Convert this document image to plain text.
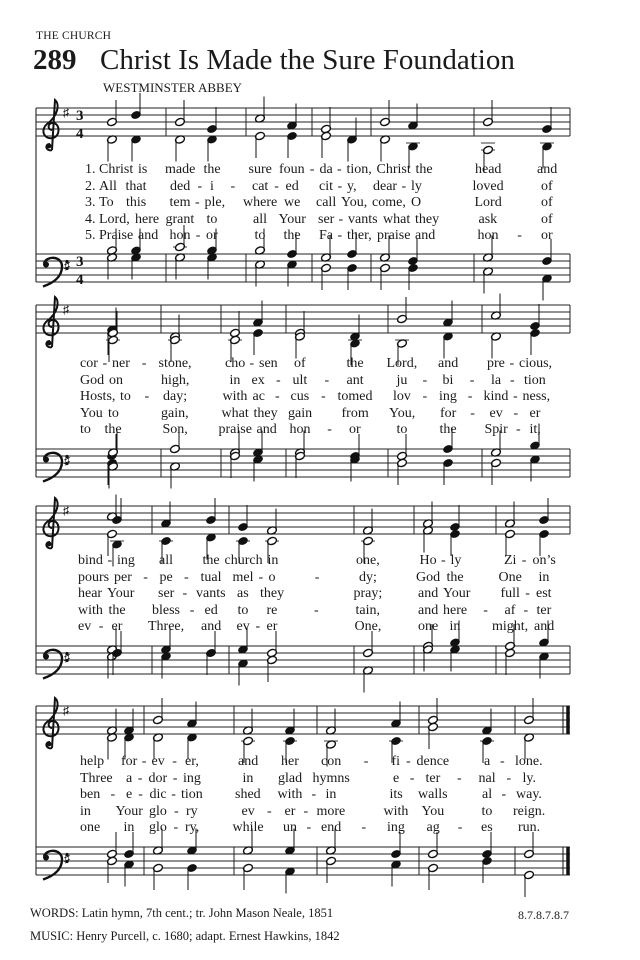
THE CHURCH
289 Christ Is Made the Sure Foundation
WESTMINSTER ABBEY
♯
♯
3
4
3
4
♯
♯
♯
♯
♯
♯
1. Christ is made the sure foun - da - tion, Christ the	head	and
2. All that ded - i - cat - ed cit - y, dear - ly	loved	of
3. To this tem - ple, where we call You, come, O	Lord	of
4. Lord, here grant to	all Your ser - vants what they	ask	of
5. Praise and hon - or	to the Fa - ther, praise and	hon - or
cor - ner - stone, cho - sen of	the Lord, and pre - cious,
God on	high,	in ex - ult - ant ju - bi - la - tion
Hosts, to - day;	with ac - cus - tomed lov - ing - kind - ness,
You to	gain, what they gain from You, for - ev - er
to the	Son, praise and hon - or	to the Spir - it,
bind - ing all the church in	one,	Ho - ly	Zi - on’s
pours per - pe - tual mel - o	-	dy;	God the One in
hear Your ser - vants as they	pray;	and Your full - est
with the bless - ed to re	-	tain,	and here - af - ter
ev - er Three, and ev - er	One,	one in might, and
help for - ev - er,	and her con - fi - dence a - lone.
Three a - dor - ing	in glad hymns	e - ter - nal - ly.
ben - e - dic - tion shed with - in	its walls al - way.
in Your glo - ry	ev - er - more	with You	to reign.
one in glo - ry, while un - end - ing ag - es run.
WORDS: Latin hymn, 7th cent.; tr. John Mason Neale, 1851
MUSIC: Henry Purcell, c. 1680; adapt. Ernest Hawkins, 1842
8.7.8.7.8.7
